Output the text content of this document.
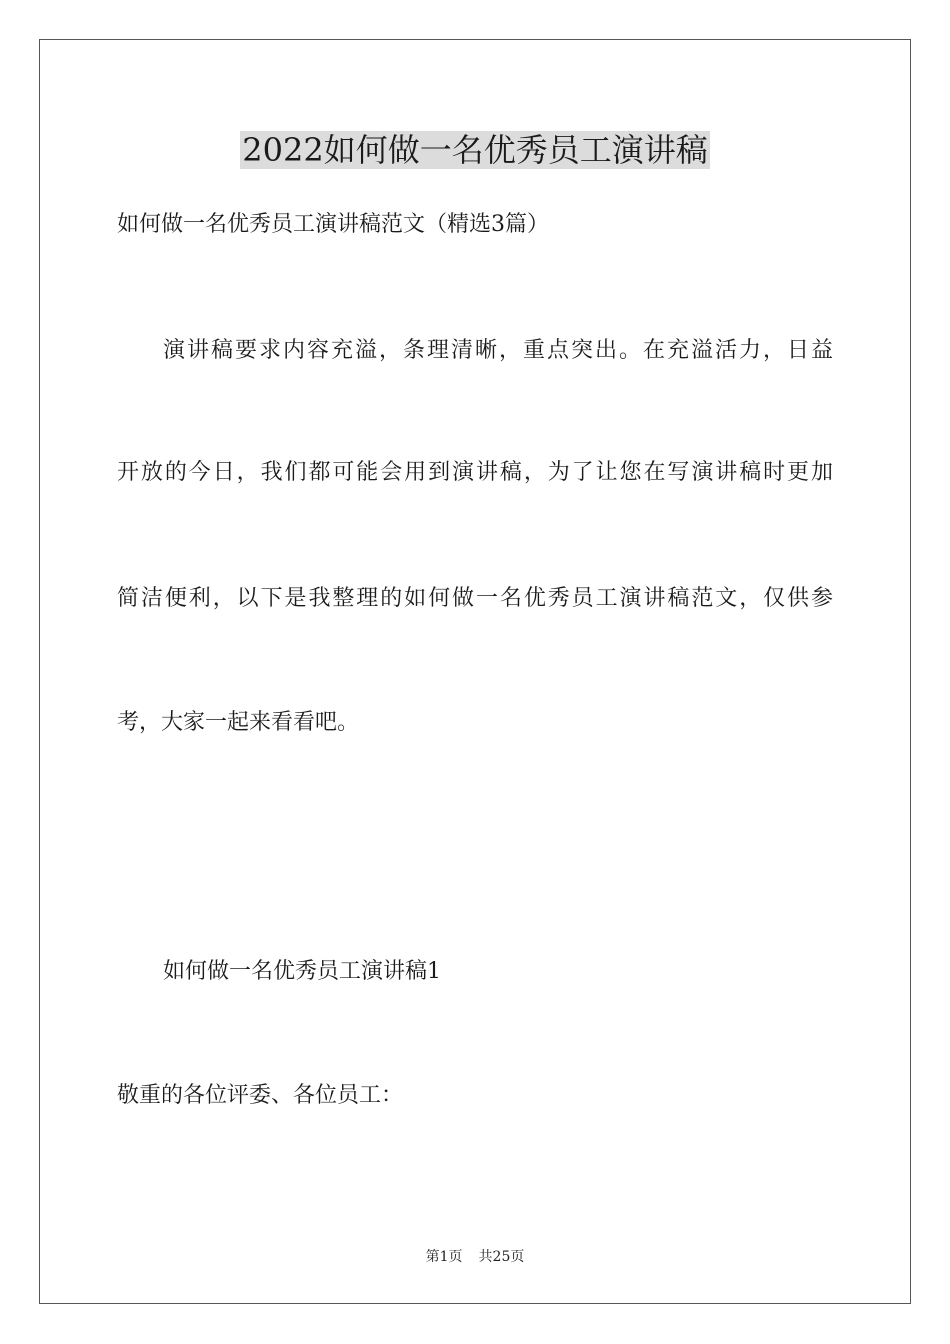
2022如何做一名优秀员工演讲稿

如何做一名优秀员工演讲稿范文（精选3篇）

演讲稿要求内容充溢，条理清晰，重点突出。在充溢活力，日益

开放的今日，我们都可能会用到演讲稿，为了让您在写演讲稿时更加

简洁便利，以下是我整理的如何做一名优秀员工演讲稿范文，仅供参

考，大家一起来看看吧。

如何做一名优秀员工演讲稿1

敬重的各位评委、各位员工：

第1页 共25页
